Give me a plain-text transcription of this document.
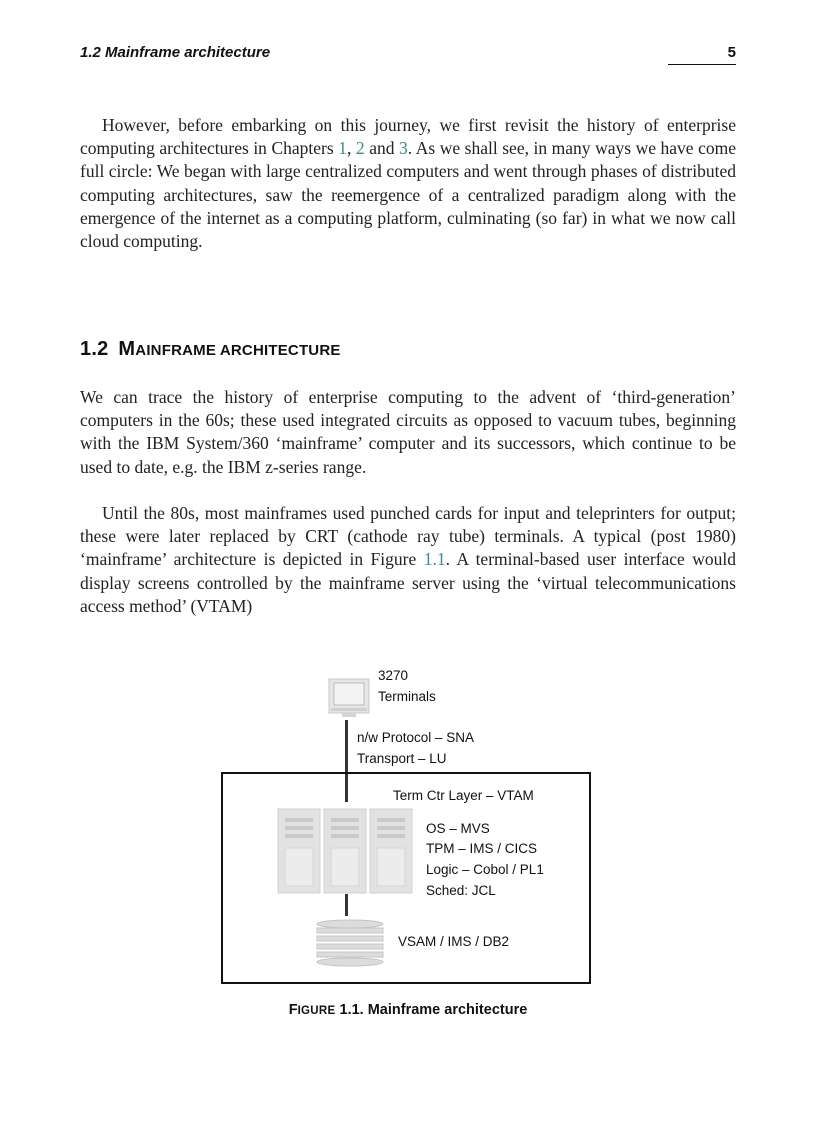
1.2 Mainframe architecture	5

However, before embarking on this journey, we first revisit the history of enterprise computing architectures in Chapters 1, 2 and 3. As we shall see, in many ways we have come full circle: We began with large centralized computers and went through phases of distributed computing architectures, saw the reemergence of a centralized paradigm along with the emergence of the internet as a computing platform, culminating (so far) in what we now call cloud computing.

1.2 MAINFRAME ARCHITECTURE

We can trace the history of enterprise computing to the advent of ‘third-generation’ computers in the 60s; these used integrated circuits as opposed to vacuum tubes, beginning with the IBM System/360 ‘mainframe’ computer and its successors, which continue to be used to date, e.g. the IBM z-series range.

Until the 80s, most mainframes used punched cards for input and teleprinters for output; these were later replaced by CRT (cathode ray tube) terminals. A typical (post 1980) ‘mainframe’ architecture is depicted in Figure 1.1. A terminal-based user interface would display screens controlled by the mainframe server using the ‘virtual telecommunications access method’ (VTAM)

3270
Terminals
n/w Protocol – SNA
Transport – LU
Term Ctr Layer – VTAM
OS – MVS
TPM – IMS / CICS
Logic – Cobol / PL1
Sched: JCL
VSAM / IMS / DB2
FIGURE 1.1. Mainframe architecture
